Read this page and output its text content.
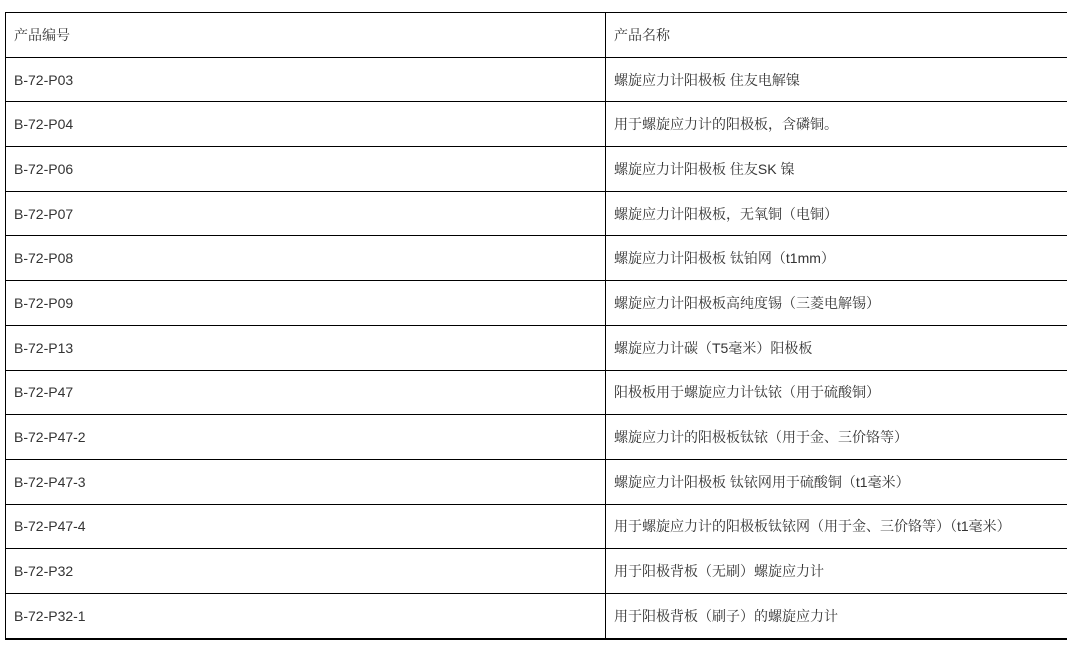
产品编号	产品名称
B-72-P03	螺旋应力计阳极板 住友电解镍
B-72-P04	用于螺旋应力计的阳极板，含磷铜。
B-72-P06	螺旋应力计阳极板 住友SK 镍
B-72-P07	螺旋应力计阳极板，无氧铜（电铜）
B-72-P08	螺旋应力计阳极板 钛铂网（t1mm）
B-72-P09	螺旋应力计阳极板高纯度锡（三菱电解锡）
B-72-P13	螺旋应力计碳（T5毫米）阳极板
B-72-P47	阳极板用于螺旋应力计钛铱（用于硫酸铜）
B-72-P47-2	螺旋应力计的阳极板钛铱（用于金、三价铬等）
B-72-P47-3	螺旋应力计阳极板 钛铱网用于硫酸铜（t1毫米）
B-72-P47-4	用于螺旋应力计的阳极板钛铱网（用于金、三价铬等）（t1毫米）
B-72-P32	用于阳极背板（无刷）螺旋应力计
B-72-P32-1	用于阳极背板（刷子）的螺旋应力计
